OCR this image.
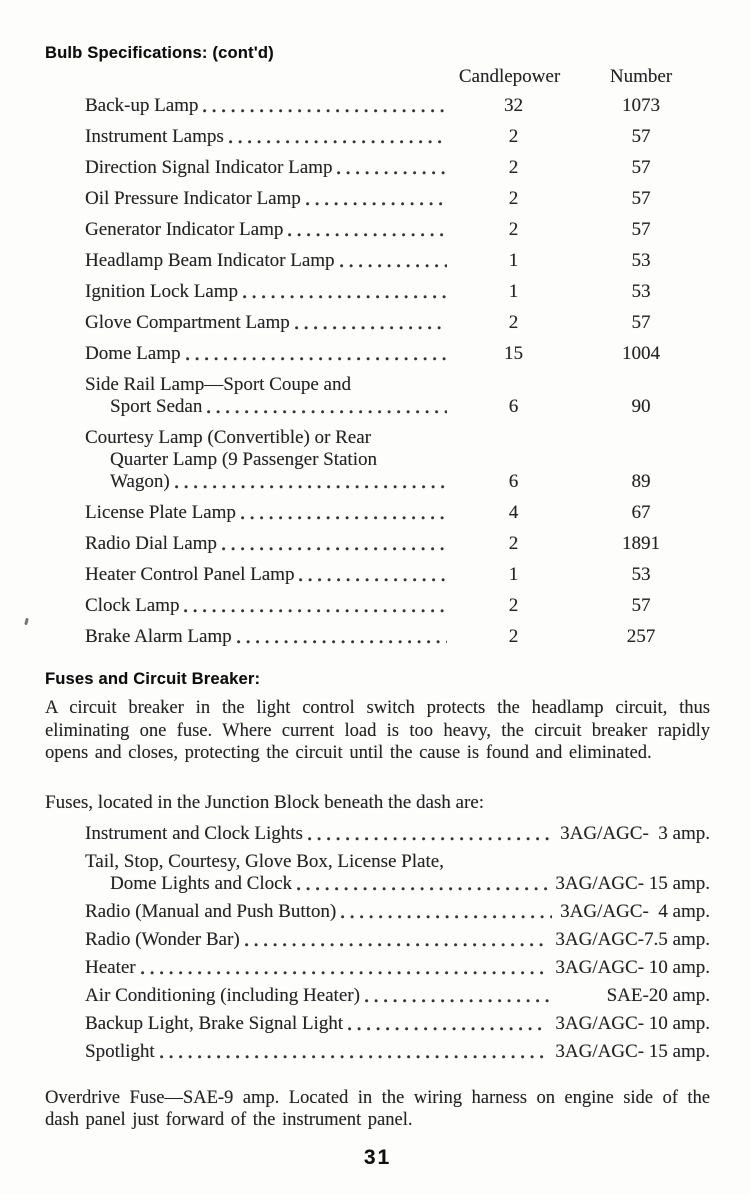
Bulb Specifications: (cont'd)
Candlepower	Number
Back-up Lamp	32	1073
Instrument Lamps	2	57
Direction Signal Indicator Lamp	2	57
Oil Pressure Indicator Lamp	2	57
Generator Indicator Lamp	2	57
Headlamp Beam Indicator Lamp	1	53
Ignition Lock Lamp	1	53
Glove Compartment Lamp	2	57
Dome Lamp	15	1004
Side Rail Lamp—Sport Coupe and
Sport Sedan	6	90
Courtesy Lamp (Convertible) or Rear
Quarter Lamp (9 Passenger Station
Wagon)	6	89
License Plate Lamp	4	67
Radio Dial Lamp	2	1891
Heater Control Panel Lamp	1	53
Clock Lamp	2	57
Brake Alarm Lamp	2	257
Fuses and Circuit Breaker:

A circuit breaker in the light control switch protects the headlamp circuit, thus eliminating one fuse. Where current load is too heavy, the circuit breaker rapidly opens and closes, protecting the circuit until the cause is found and eliminated.

Fuses, located in the Junction Block beneath the dash are:

Instrument and Clock Lights	3AG/AGC-  3 amp.
Tail, Stop, Courtesy, Glove Box, License Plate,
Dome Lights and Clock	3AG/AGC- 15 amp.
Radio (Manual and Push Button)	3AG/AGC-  4 amp.
Radio (Wonder Bar)	3AG/AGC-7.5 amp.
Heater	3AG/AGC- 10 amp.
Air Conditioning (including Heater)	SAE-20 amp.
Backup Light, Brake Signal Light	3AG/AGC- 10 amp.
Spotlight	3AG/AGC- 15 amp.

Overdrive Fuse—SAE-9 amp. Located in the wiring harness on engine side of the dash panel just forward of the instrument panel.

31
